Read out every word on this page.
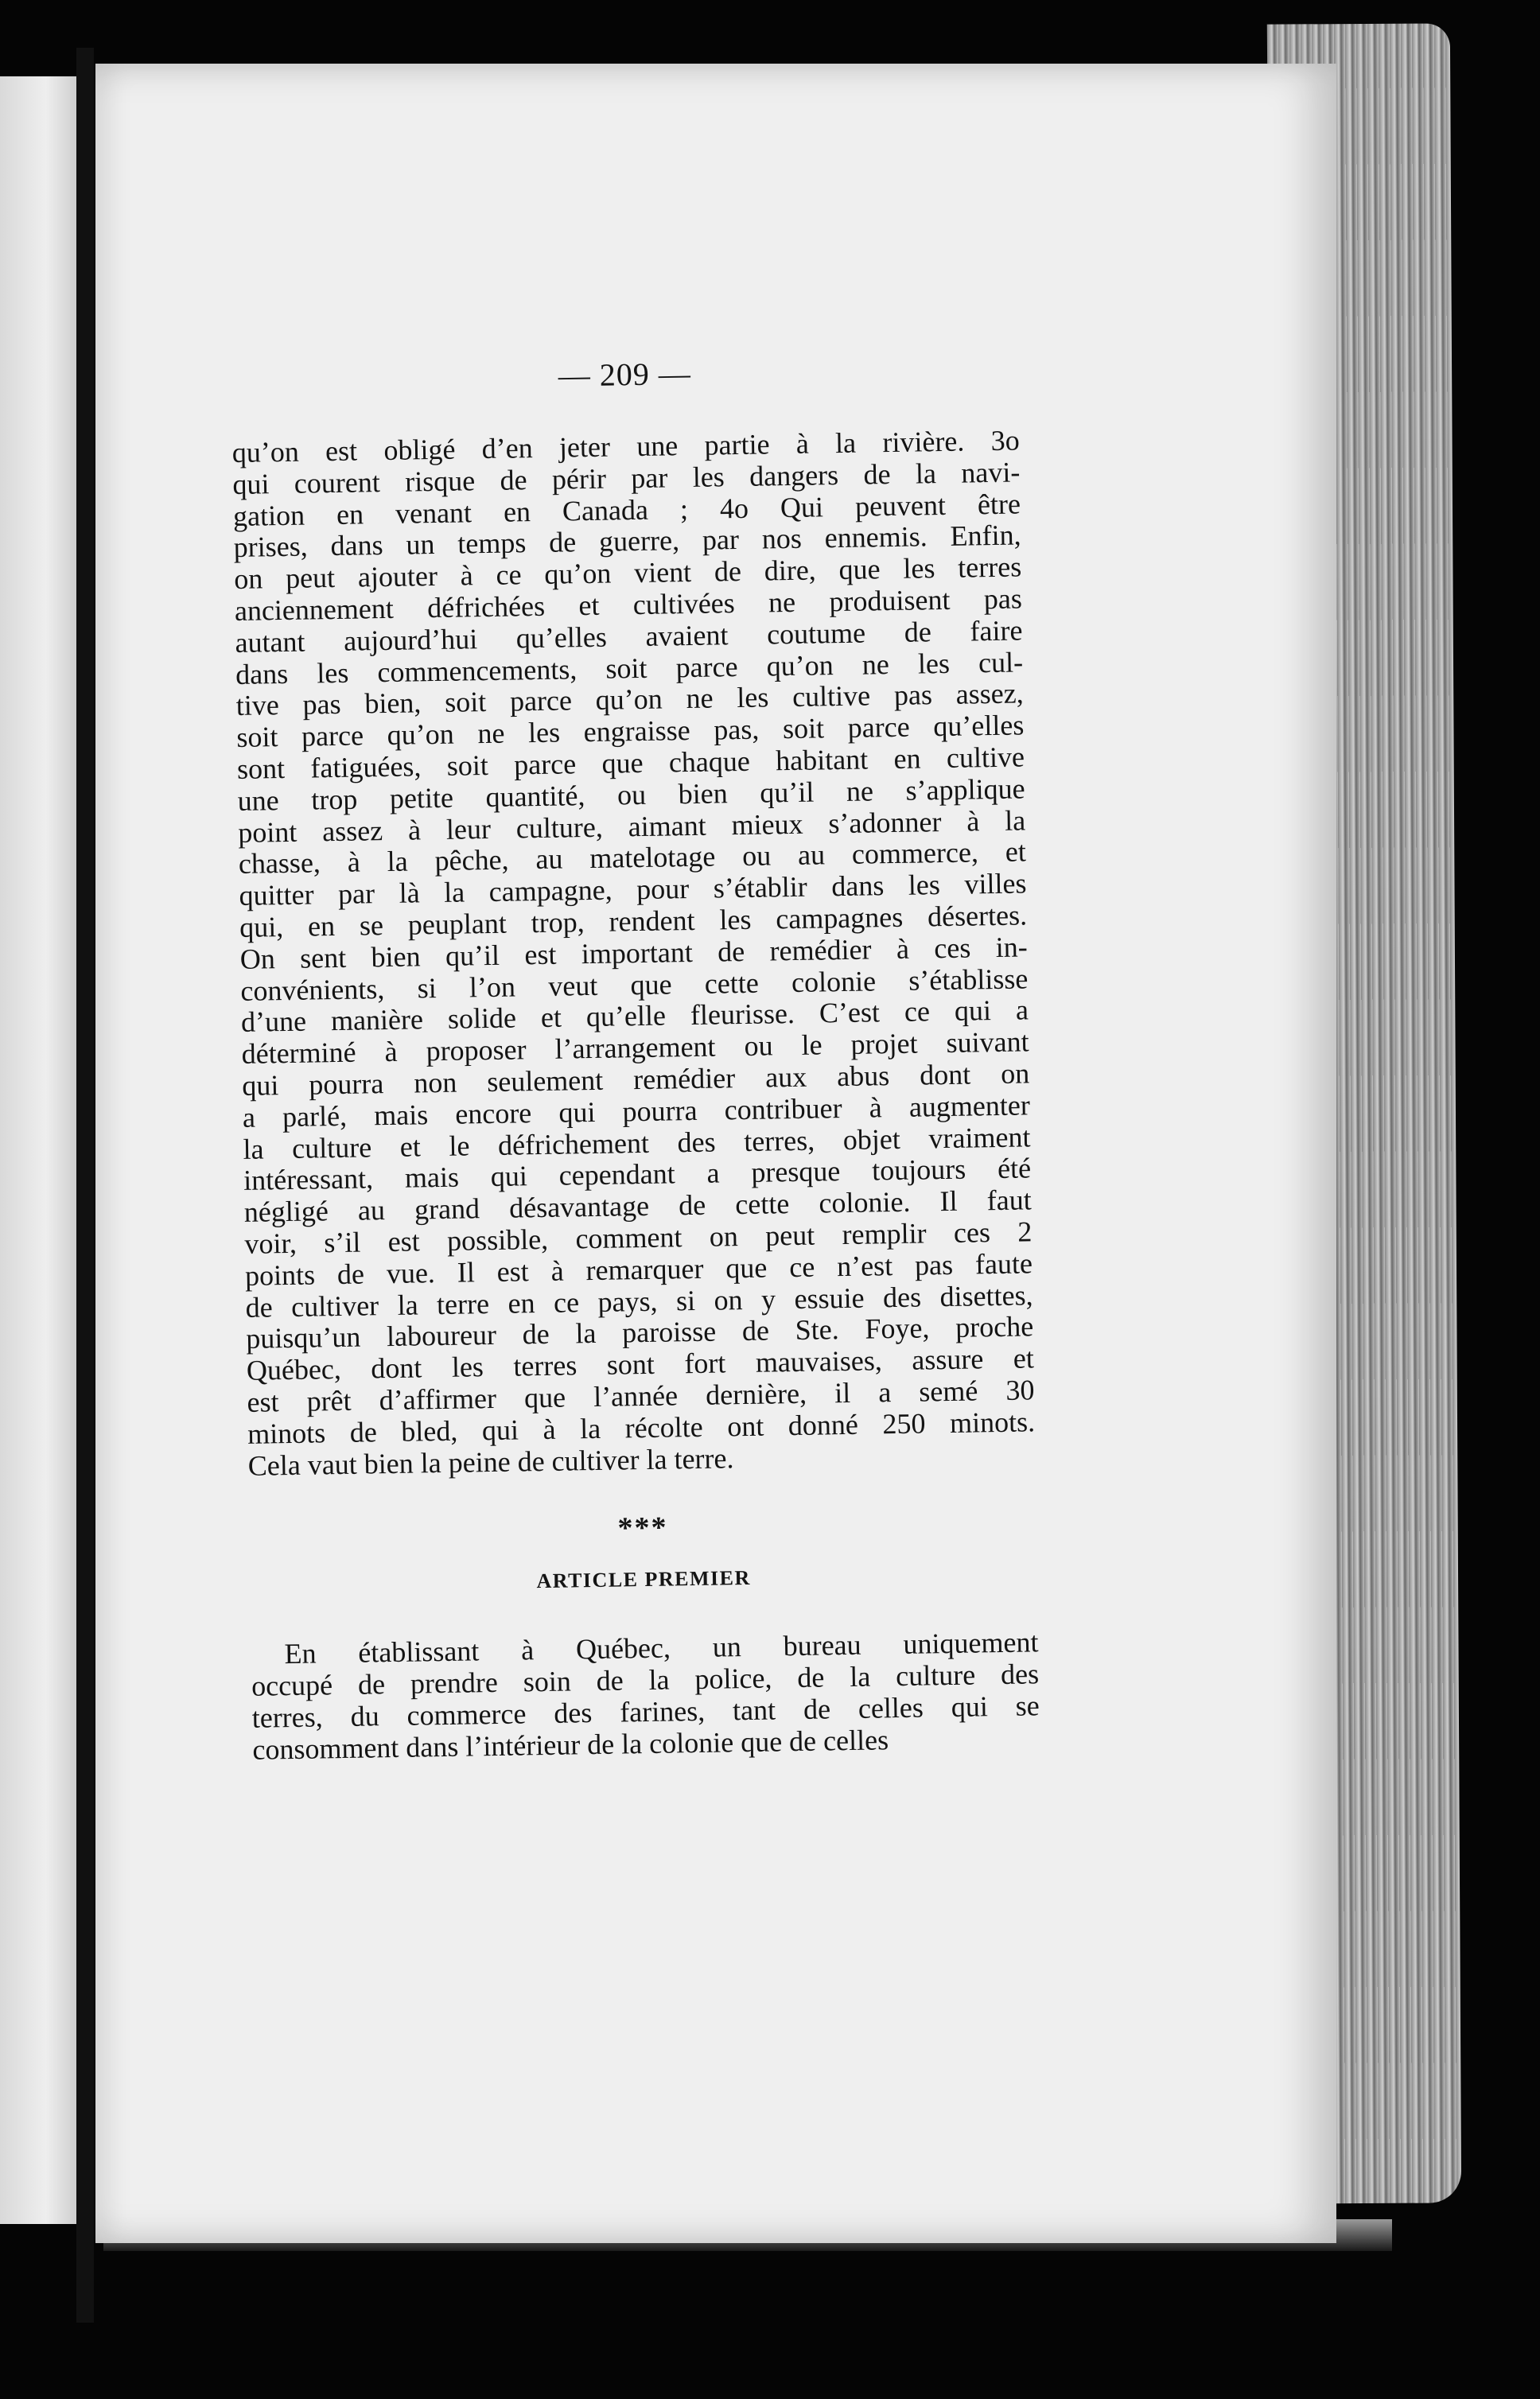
— 209 —

qu’on est obligé d’en jeter une partie à la rivière. 3o

qui courent risque de périr par les dangers de la navi-

gation en venant en Canada ; 4o Qui peuvent être

prises, dans un temps de guerre, par nos ennemis. Enfin,

on peut ajouter à ce qu’on vient de dire, que les terres

anciennement défrichées et cultivées ne produisent pas

autant aujourd’hui qu’elles avaient coutume de faire

dans les commencements, soit parce qu’on ne les cul-

tive pas bien, soit parce qu’on ne les cultive pas assez,

soit parce qu’on ne les engraisse pas, soit parce qu’elles

sont fatiguées, soit parce que chaque habitant en cultive

une trop petite quantité, ou bien qu’il ne s’applique

point assez à leur culture, aimant mieux s’adonner à la

chasse, à la pêche, au matelotage ou au commerce, et

quitter par là la campagne, pour s’établir dans les villes

qui, en se peuplant trop, rendent les campagnes désertes.

On sent bien qu’il est important de remédier à ces in-

convénients, si l’on veut que cette colonie s’établisse

d’une manière solide et qu’elle fleurisse. C’est ce qui a

déterminé à proposer l’arrangement ou le projet suivant

qui pourra non seulement remédier aux abus dont on

a parlé, mais encore qui pourra contribuer à augmenter

la culture et le défrichement des terres, objet vraiment

intéressant, mais qui cependant a presque toujours été

négligé au grand désavantage de cette colonie. Il faut

voir, s’il est possible, comment on peut remplir ces 2

points de vue. Il est à remarquer que ce n’est pas faute

de cultiver la terre en ce pays, si on y essuie des disettes,

puisqu’un laboureur de la paroisse de Ste. Foye, proche

Québec, dont les terres sont fort mauvaises, assure et

est prêt d’affirmer que l’année dernière, il a semé 30

minots de bled, qui à la récolte ont donné 250 minots.

Cela vaut bien la peine de cultiver la terre.

***
ARTICLE PREMIER

En établissant à Québec, un bureau uniquement

occupé de prendre soin de la police, de la culture des

terres, du commerce des farines, tant de celles qui se

consomment dans l’intérieur de la colonie que de celles
